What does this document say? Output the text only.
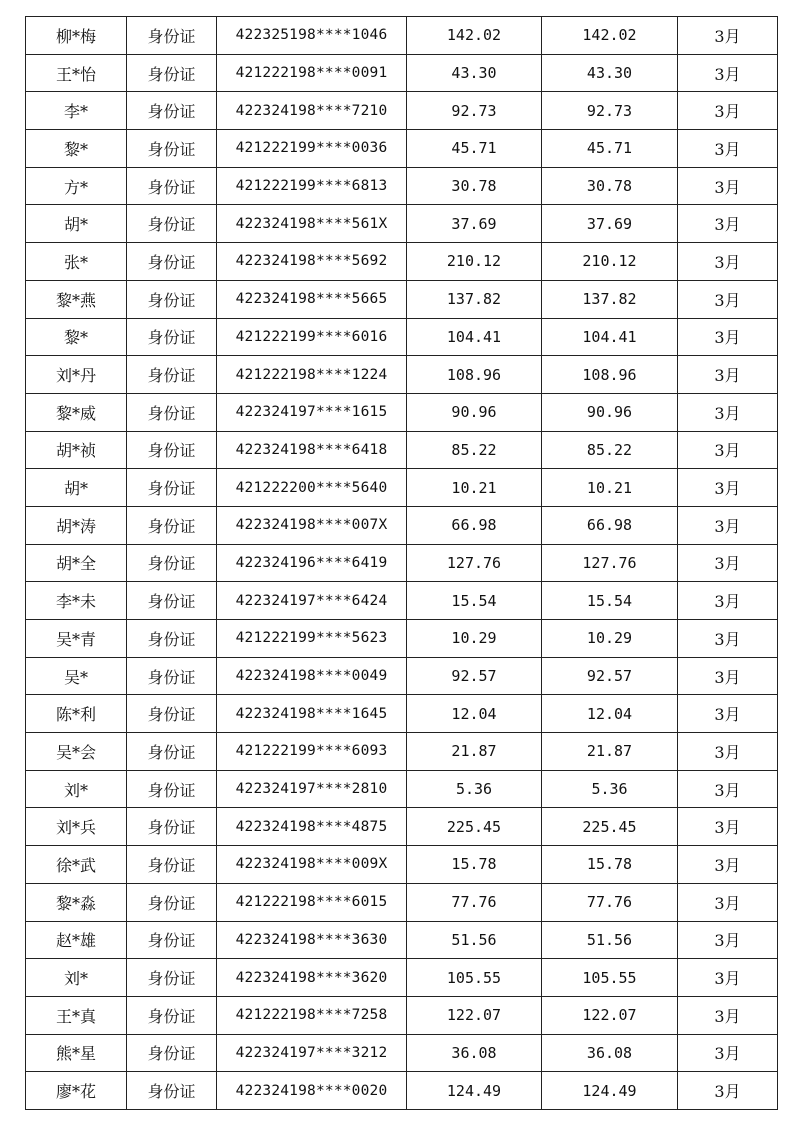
柳*梅	身份证	422325198****1046	142.02	142.02	3月
王*怡	身份证	421222198****0091	43.30	43.30	3月
李*	身份证	422324198****7210	92.73	92.73	3月
黎*	身份证	421222199****0036	45.71	45.71	3月
方*	身份证	421222199****6813	30.78	30.78	3月
胡*	身份证	422324198****561X	37.69	37.69	3月
张*	身份证	422324198****5692	210.12	210.12	3月
黎*燕	身份证	422324198****5665	137.82	137.82	3月
黎*	身份证	421222199****6016	104.41	104.41	3月
刘*丹	身份证	421222198****1224	108.96	108.96	3月
黎*威	身份证	422324197****1615	90.96	90.96	3月
胡*祯	身份证	422324198****6418	85.22	85.22	3月
胡*	身份证	421222200****5640	10.21	10.21	3月
胡*涛	身份证	422324198****007X	66.98	66.98	3月
胡*全	身份证	422324196****6419	127.76	127.76	3月
李*未	身份证	422324197****6424	15.54	15.54	3月
吴*青	身份证	421222199****5623	10.29	10.29	3月
吴*	身份证	422324198****0049	92.57	92.57	3月
陈*利	身份证	422324198****1645	12.04	12.04	3月
吴*会	身份证	421222199****6093	21.87	21.87	3月
刘*	身份证	422324197****2810	5.36	5.36	3月
刘*兵	身份证	422324198****4875	225.45	225.45	3月
徐*武	身份证	422324198****009X	15.78	15.78	3月
黎*淼	身份证	421222198****6015	77.76	77.76	3月
赵*雄	身份证	422324198****3630	51.56	51.56	3月
刘*	身份证	422324198****3620	105.55	105.55	3月
王*真	身份证	421222198****7258	122.07	122.07	3月
熊*星	身份证	422324197****3212	36.08	36.08	3月
廖*花	身份证	422324198****0020	124.49	124.49	3月
